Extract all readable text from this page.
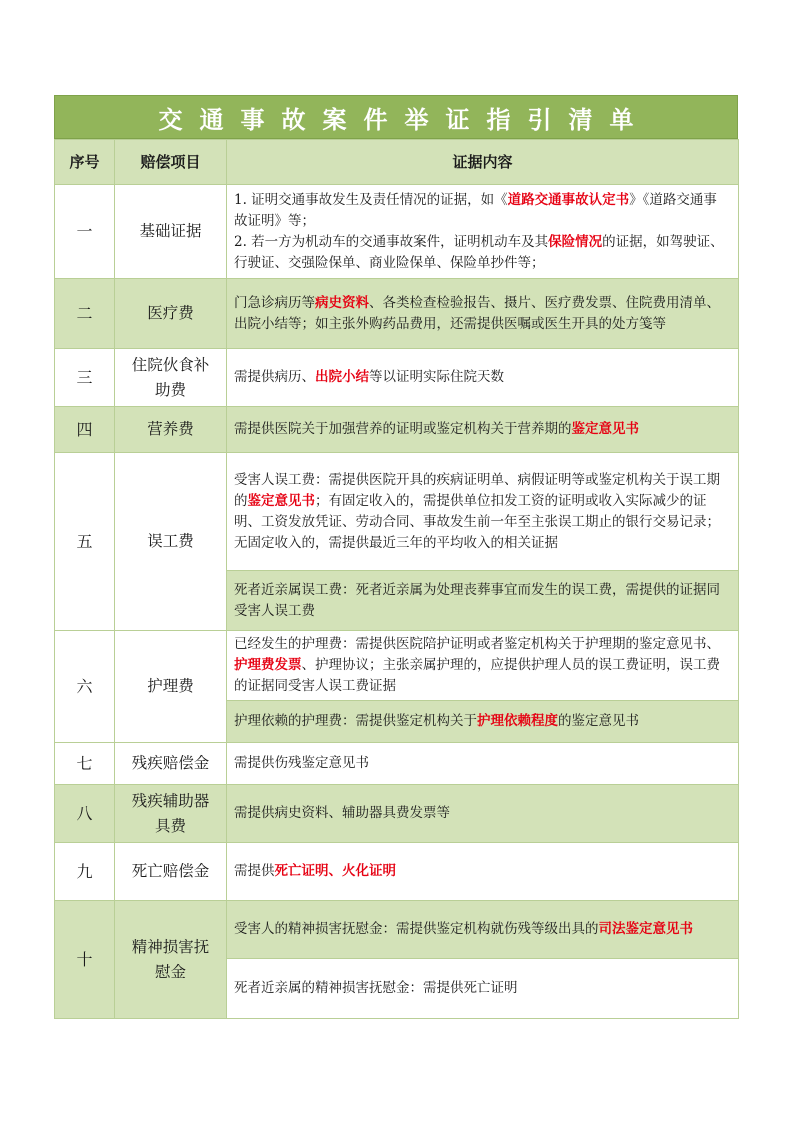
交通事故案件举证指引清单
序号	赔偿项目	证据内容
一	基础证据	1. 证明交通事故发生及责任情况的证据，如《道路交通事故认定书》《道路交通事故证明》等；
2. 若一方为机动车的交通事故案件，证明机动车及其保险情况的证据，如驾驶证、行驶证、交强险保单、商业险保单、保险单抄件等；

二	医疗费	门急诊病历等病史资料、各类检查检验报告、摄片、医疗费发票、住院费用清单、出院小结等；如主张外购药品费用，还需提供医嘱或医生开具的处方笺等

三	住院伙食补助费	需提供病历、出院小结等以证明实际住院天数

四	营养费	需提供医院关于加强营养的证明或鉴定机构关于营养期的鉴定意见书

五	误工费	受害人误工费：需提供医院开具的疾病证明单、病假证明等或鉴定机构关于误工期的鉴定意见书；有固定收入的，需提供单位扣发工资的证明或收入实际减少的证明、工资发放凭证、劳动合同、事故发生前一年至主张误工期止的银行交易记录；无固定收入的，需提供最近三年的平均收入的相关证据

		死者近亲属误工费：死者近亲属为处理丧葬事宜而发生的误工费，需提供的证据同受害人误工费

六	护理费	已经发生的护理费：需提供医院陪护证明或者鉴定机构关于护理期的鉴定意见书、护理费发票、护理协议；主张亲属护理的，应提供护理人员的误工费证明，误工费的证据同受害人误工费证据

		护理依赖的护理费：需提供鉴定机构关于护理依赖程度的鉴定意见书

七	残疾赔偿金	需提供伤残鉴定意见书

八	残疾辅助器具费	需提供病史资料、辅助器具费发票等

九	死亡赔偿金	需提供死亡证明、火化证明

十	精神损害抚慰金	受害人的精神损害抚慰金：需提供鉴定机构就伤残等级出具的司法鉴定意见书

		死者近亲属的精神损害抚慰金：需提供死亡证明
